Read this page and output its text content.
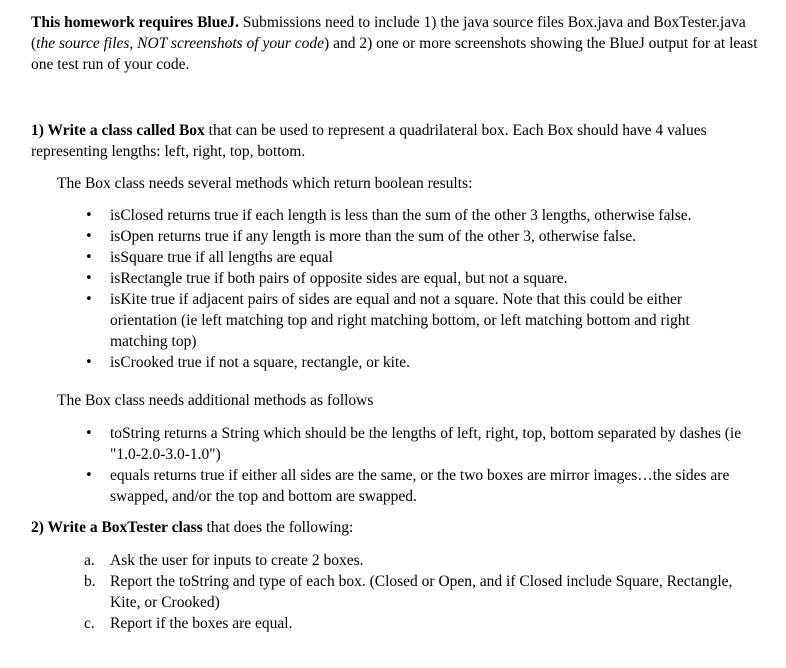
This homework requires BlueJ. Submissions need to include 1) the java source files Box.java and BoxTester.java (the source files, NOT screenshots of your code) and 2) one or more screenshots showing the BlueJ output for at least one test run of your code.

1) Write a class called Box that can be used to represent a quadrilateral box. Each Box should have 4 values representing lengths: left, right, top, bottom.

The Box class needs several methods which return boolean results:

•	isClosed returns true if each length is less than the sum of the other 3 lengths, otherwise false.
•	isOpen returns true if any length is more than the sum of the other 3, otherwise false.
•	isSquare true if all lengths are equal
•	isRectangle true if both pairs of opposite sides are equal, but not a square.
•	isKite true if adjacent pairs of sides are equal and not a square. Note that this could be either orientation (ie left matching top and right matching bottom, or left matching bottom and right matching top)
•	isCrooked true if not a square, rectangle, or kite.

The Box class needs additional methods as follows

•	toString returns a String which should be the lengths of left, right, top, bottom separated by dashes (ie "1.0-2.0-3.0-1.0")
•	equals returns true if either all sides are the same, or the two boxes are mirror images…the sides are swapped, and/or the top and bottom are swapped.

2) Write a BoxTester class that does the following:

a. Ask the user for inputs to create 2 boxes.
b. Report the toString and type of each box. (Closed or Open, and if Closed include Square, Rectangle, Kite, or Crooked)
c. Report if the boxes are equal.
